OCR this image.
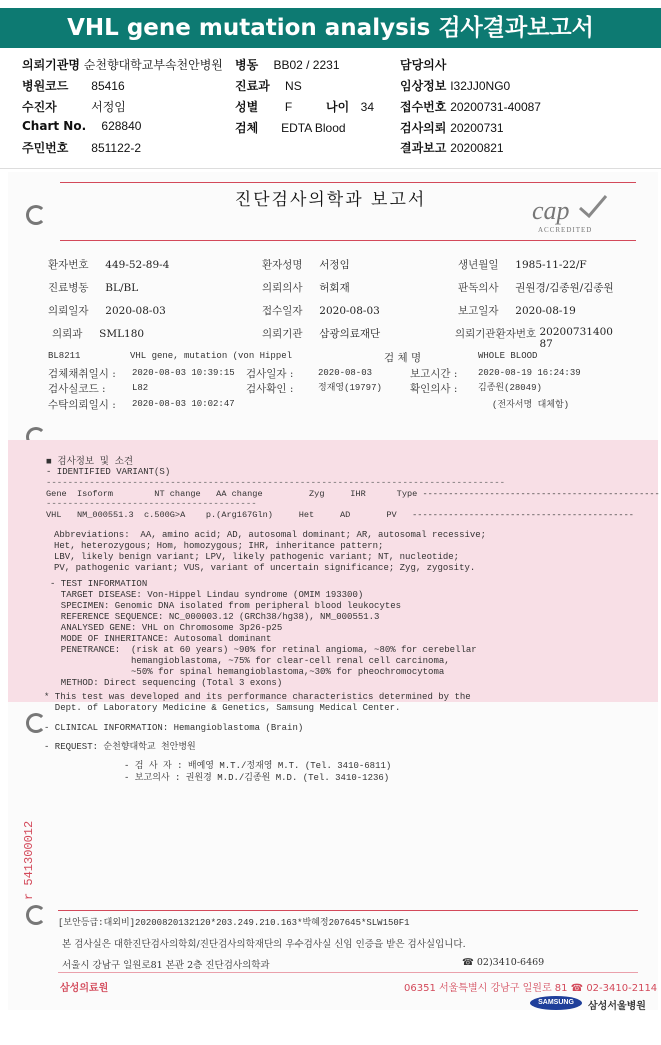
VHL gene mutation analysis 검사결과보고서
의뢰기관명 순천향대학교부속천안병원 병동 BB02 / 2231	담당의사
병원코드 85416	진료과 NS	임상정보 I32JJ0NG0
수진자	서정임	성별 F	나이 34 접수번호 20200731-40087
Chart No. 628840	검체 EDTA Blood	검사의뢰 20200731
주민번호 851122-2	결과보고 20200821
진단검사의학과 보고서	cap
ACCREDITED
환자번호 449-52-89-4	환자성명 서정임	생년월일 1985-11-22/F
진료병동 BL/BL	의뢰의사 허회재	판독의사 권원경/김종원/김종원
의뢰일자 2020-08-03	접수일자 2020-08-03	보고일자 2020-08-19
의뢰과 SML180	의뢰기관 삼광의료재단	의뢰기관환자번호 2020073140087
BL8211	VHL gene, mutation (von Hippel	검 체 명	WHOLE BLOOD
검체채취일시 : 2020-08-03 10:39:15 검사일자 :	2020-08-03	보고시간 : 2020-08-19 16:24:39
검사실코드 :	L82	검사확인 :	정재영(19797)	확인의사 : 김종원(28049)
수탁의뢰일시 : 2020-08-03 10:02:47	(전자서명 대체함)
■ 검사정보 및 소견
- IDENTIFIED VARIANT(S)
-------------------------------------------------------------------------------------
Gene  Isoform        NT change   AA change         Zyg     IHR      Type ----------------------------------------------
---------------------------------------
VHL   NM_000551.3  c.500G>A    p.(Arg167Gln)     Het     AD       PV   -------------------------------------------
Abbreviations:  AA, amino acid; AD, autosomal dominant; AR, autosomal recessive;
Het, heterozygous; Hom, homozygous; IHR, inheritance pattern;
LBV, likely benign variant; LPV, likely pathogenic variant; NT, nucleotide;
PV, pathogenic variant; VUS, variant of uncertain significance; Zyg, zygosity.
- TEST INFORMATION
TARGET DISEASE: Von-Hippel Lindau syndrome (OMIM 193300)
SPECIMEN: Genomic DNA isolated from peripheral blood leukocytes
REFERENCE SEQUENCE: NC_000003.12 (GRCh38/hg38), NM_000551.3
ANALYSED GENE: VHL on Chromosome 3p26-p25
MODE OF INHERITANCE: Autosomal dominant
PENETRANCE:  (risk at 60 years) ~90% for retinal angioma, ~80% for cerebellar
hemangioblastoma, ~75% for clear-cell renal cell carcinoma,
~50% for spinal hemangioblastoma,~30% for pheochromocytoma
METHOD: Direct sequencing (Total 3 exons)
* This test was developed and its performance characteristics determined by the
Dept. of Laboratory Medicine & Genetics, Samsung Medical Center.
- CLINICAL INFORMATION: Hemangioblastoma (Brain)
- REQUEST: 순천향대학교 천안병원
- 검 사 자 : 배예영 M.T./정재영 M.T. (Tel. 3410-6811)
- 보고의사 : 권원경 M.D./김종원 M.D. (Tel. 3410-1236)
r 541300012
[보안등급:대외비]20200820132120*203.249.210.163*박혜정207645*SLW150F1
본 검사실은 대한진단검사의학회/진단검사의학재단의 우수검사실 신임 인증을 받은 검사실입니다.
서울시 강남구 일원로81 본관 2층 진단검사의학과	☎ 02)3410-6469
삼성의료원	06351 서울특별시 강남구 일원로 81 ☎ 02-3410-2114
SAMSUNG	삼성서울병원
